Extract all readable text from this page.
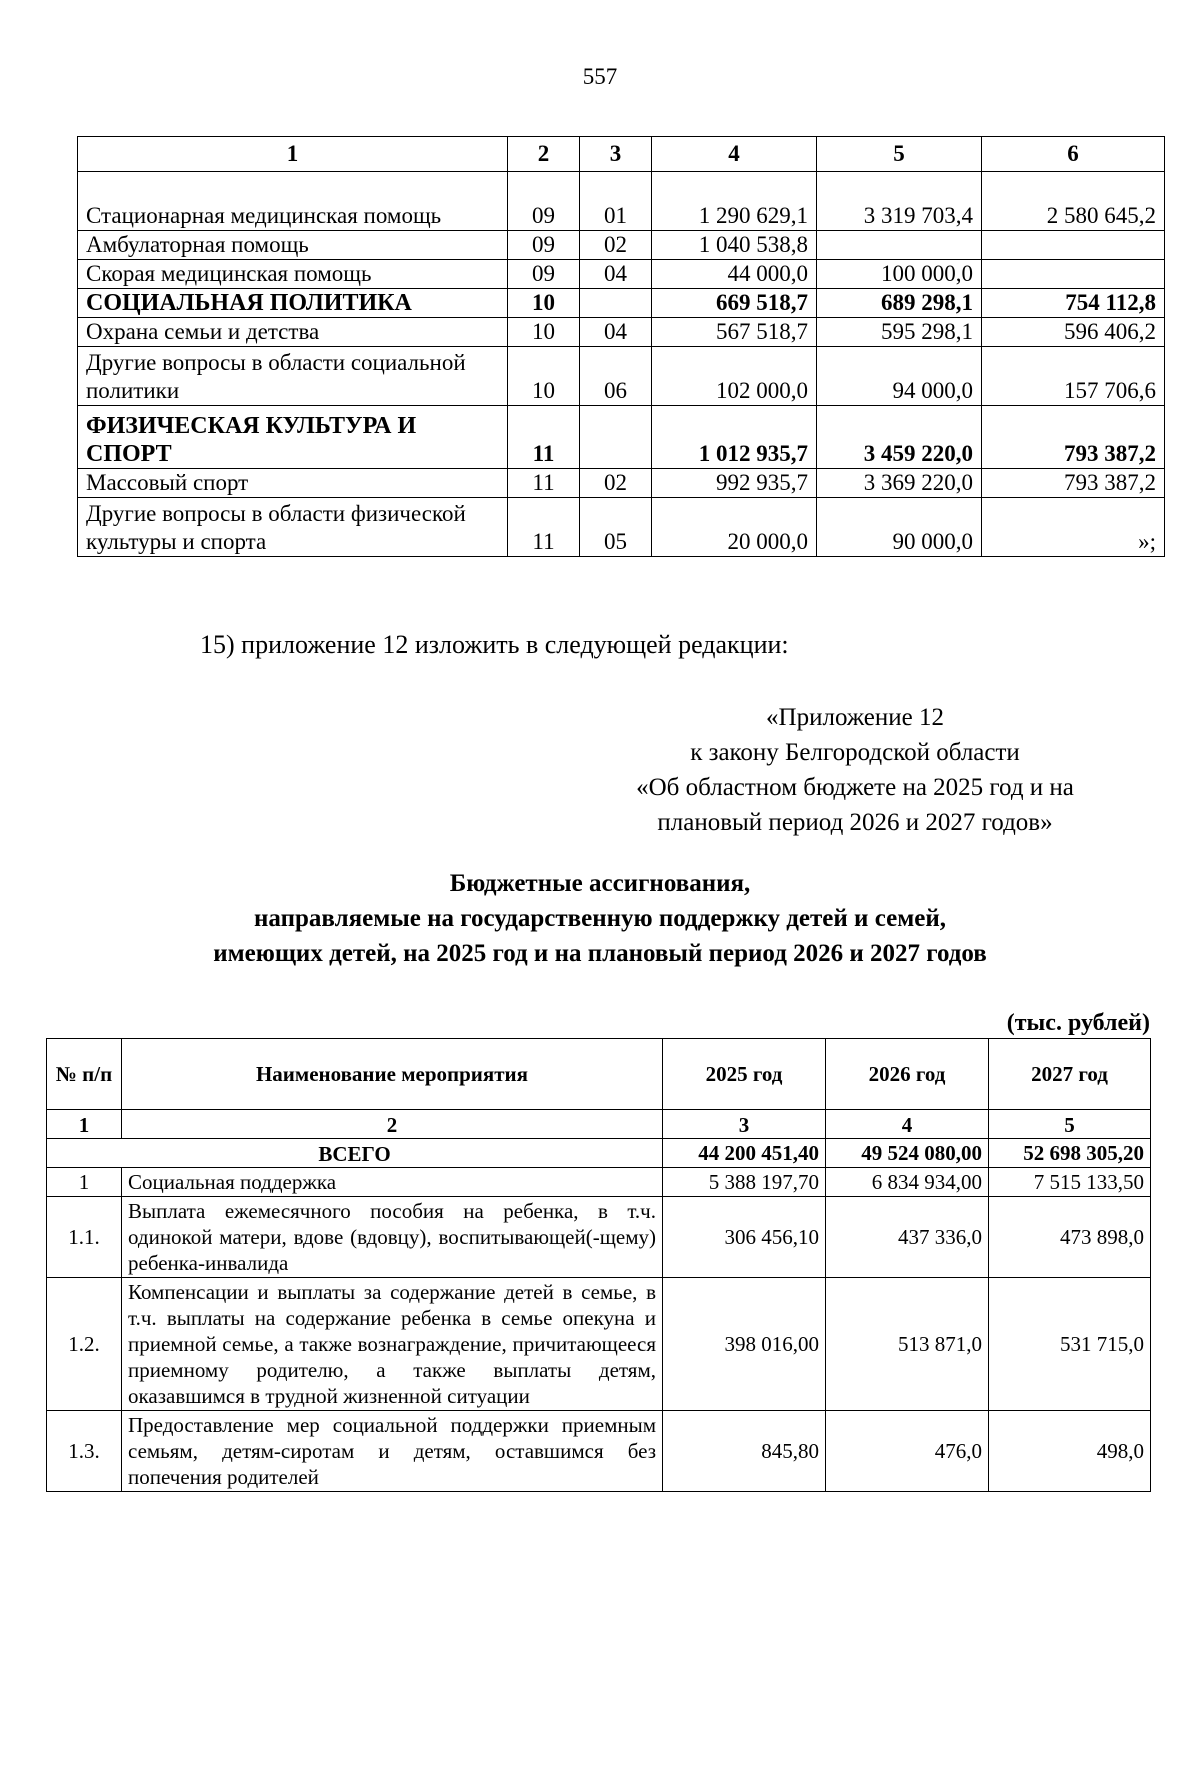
557
1	2	3	4	5	6
Стационарная медицинская помощь	09	01	1 290 629,1	3 319 703,4	2 580 645,2
Амбулаторная помощь	09	02	1 040 538,8		
Скорая медицинская помощь	09	04	44 000,0	100 000,0	
СОЦИАЛЬНАЯ ПОЛИТИКА	10		669 518,7	689 298,1	754 112,8
Охрана семьи и детства	10	04	567 518,7	595 298,1	596 406,2
Другие вопросы в области социальной политики	10	06	102 000,0	94 000,0	157 706,6
ФИЗИЧЕСКАЯ КУЛЬТУРА И СПОРТ	11		1 012 935,7	3 459 220,0	793 387,2
Массовый спорт	11	02	992 935,7	3 369 220,0	793 387,2
Другие вопросы в области физической культуры и спорта	11	05	20 000,0	90 000,0	»;
15) приложение 12 изложить в следующей редакции:
«Приложение 12
к закону Белгородской области
«Об областном бюджете на 2025 год и на
плановый период 2026 и 2027 годов»
Бюджетные ассигнования,
направляемые на государственную поддержку детей и семей,
имеющих детей, на 2025 год и на плановый период 2026 и 2027 годов
(тыс. рублей)
№ п/п	Наименование мероприятия	2025 год	2026 год	2027 год
1	2	3	4	5
ВСЕГО		44 200 451,40	49 524 080,00	52 698 305,20
1	Социальная поддержка	5 388 197,70	6 834 934,00	7 515 133,50
1.1.	Выплата ежемесячного пособия на ребенка, в т.ч. одинокой матери, вдове (вдовцу), воспитывающей(-щему) ребенка-инвалида	306 456,10	437 336,0	473 898,0
1.2.	Компенсации и выплаты за содержание детей в семье, в т.ч. выплаты на содержание ребенка в семье опекуна и приемной семье, а также вознаграждение, причитающееся приемному родителю, а также выплаты детям, оказавшимся в трудной жизненной ситуации	398 016,00	513 871,0	531 715,0
1.3.	Предоставление мер социальной поддержки приемным семьям, детям-сиротам и детям, оставшимся без попечения родителей	845,80	476,0	498,0
